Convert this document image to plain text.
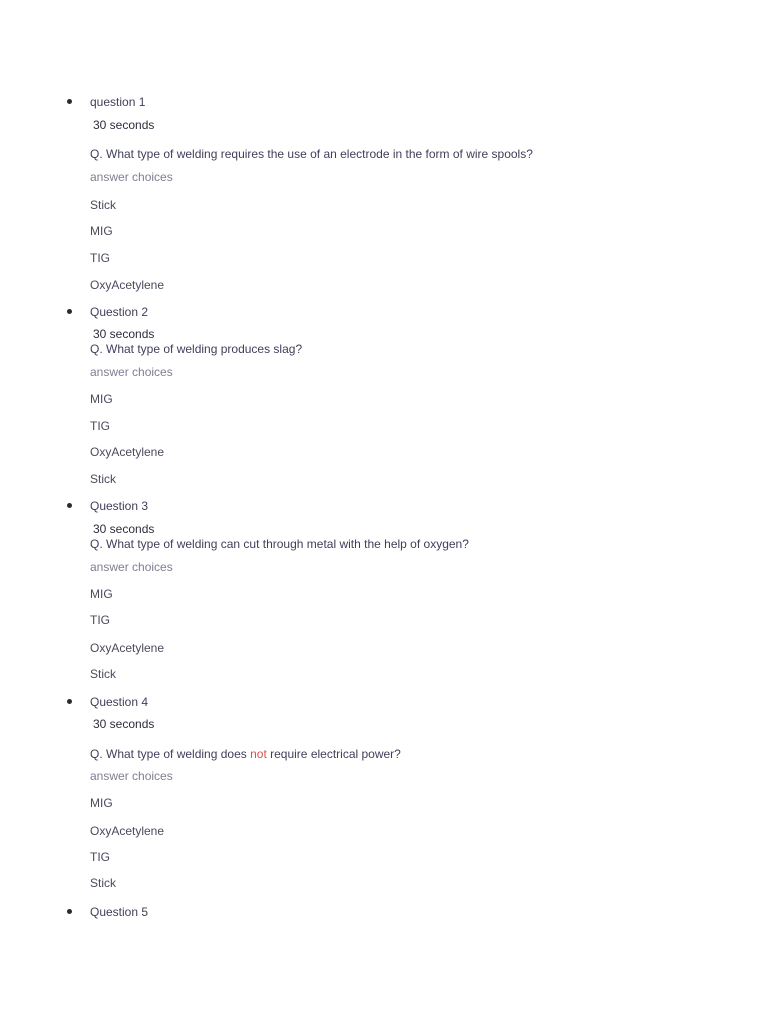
question 1
30 seconds
Q. What type of welding requires the use of an electrode in the form of wire spools?
answer choices
Stick
MIG
TIG
OxyAcetylene
Question 2
30 seconds
Q. What type of welding produces slag?
answer choices
MIG
TIG
OxyAcetylene
Stick
Question 3
30 seconds
Q. What type of welding can cut through metal with the help of oxygen?
answer choices
MIG
TIG
OxyAcetylene
Stick
Question 4
30 seconds
Q. What type of welding does not require electrical power?
answer choices
MIG
OxyAcetylene
TIG
Stick
Question 5
